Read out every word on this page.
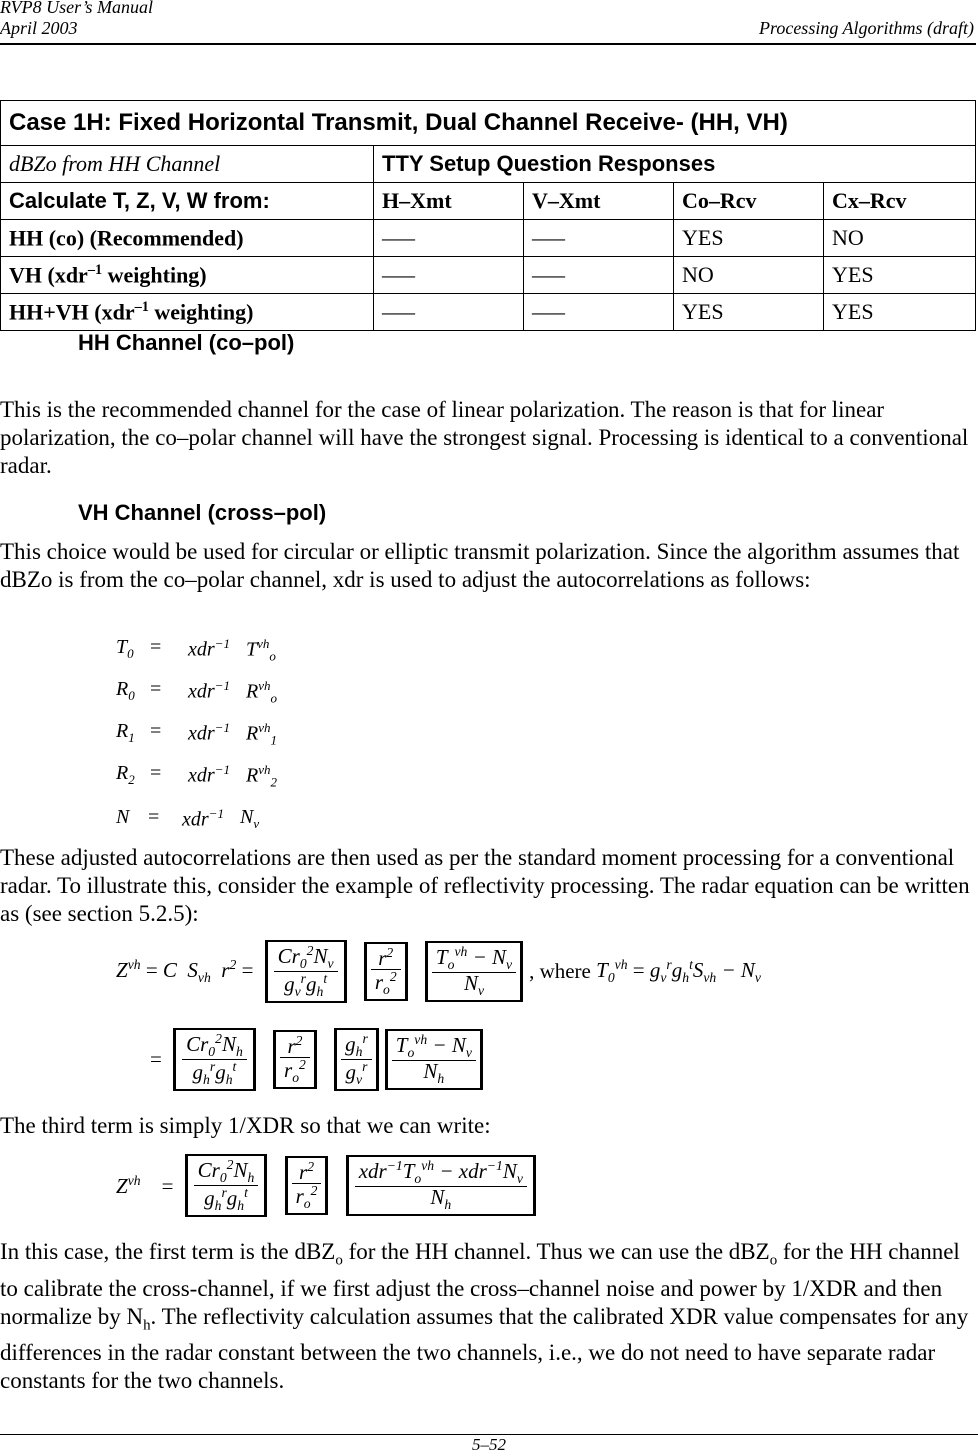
RVP8 User’s Manual
April 2003	Processing Algorithms (draft)
Case 1H: Fixed Horizontal Transmit, Dual Channel Receive- (HH, VH)				
dBZo from HH Channel	TTY Setup Question Responses			
Calculate T, Z, V, W from:	H–Xmt	V–Xmt	Co–Rcv	Cx–Rcv
HH (co) (Recommended)	–––	–––	YES	NO
VH (xdr$^{-1}$ weighting)	–––	–––	NO	YES
HH+VH (xdr$^{-1}$ weighting)	–––	–––	YES	YES
HH Channel (co–pol)
This is the recommended channel for the case of linear polarization. The reason is that for linear polarization, the co–polar channel will have the strongest signal. Processing is identical to a conventional radar.
VH Channel (cross–pol)
This choice would be used for circular or elliptic transmit polarization. Since the algorithm assumes that dBZo is from the co–polar channel, xdr is used to adjust the autocorrelations as follows:
$T_0 = xdr^{-1}$ $T^{vh}_o$
$R_0 = xdr^{-1}$ $R^{vh}_o$
$R_1 = xdr^{-1}$ $R^{vh}_1$
$R_2 = xdr^{-1}$ $R^{vh}_2$
N = xdr$^{-1}$ $N_v$
These adjusted autocorrelations are then used as per the standard moment processing for a conventional radar. To illustrate this, consider the example of reflectivity processing. The radar equation can be written as (see section 5.2.5):
$Z^{vh} = C$  $S_{vh}$  $r^2 = \frac{Cr_0^2N_v}{g_v^rg_h^t}$
$\frac{r^2}{r_o^2}$
$\frac{T_o^{vh} - N_v}{N_v}$ , where $T_0^{vh} = g_v^rg_h^tS_{vh} - N_v$
= $\frac{Cr_0^2N_h}{g_h^rg_h^t}$
$\frac{r^2}{r_o^2}$
$\frac{g_h^r}{g_v^r} \frac{T_o^{vh} - N_v}{N_h}$
The third term is simply 1/XDR so that we can write:
$Z^{vh} = \frac{Cr_0^2N_h}{g_h^rg_h^t}$
$\frac{r^2}{r_o^2}$
$\frac{xdr^{-1}T_o^{vh} - xdr^{-1}N_v}{N_h}$
In this case, the first term is the dBZ$_o$ for the HH channel. Thus we can use the dBZ$_o$ for the HH channel to calibrate the cross-channel, if we first adjust the cross–channel noise and power by 1/XDR and then normalize by $N_h$. The reflectivity calculation assumes that the calibrated XDR value compensates for any differences in the radar constant between the two channels, i.e., we do not need to have separate radar constants for the two channels.
5–52
